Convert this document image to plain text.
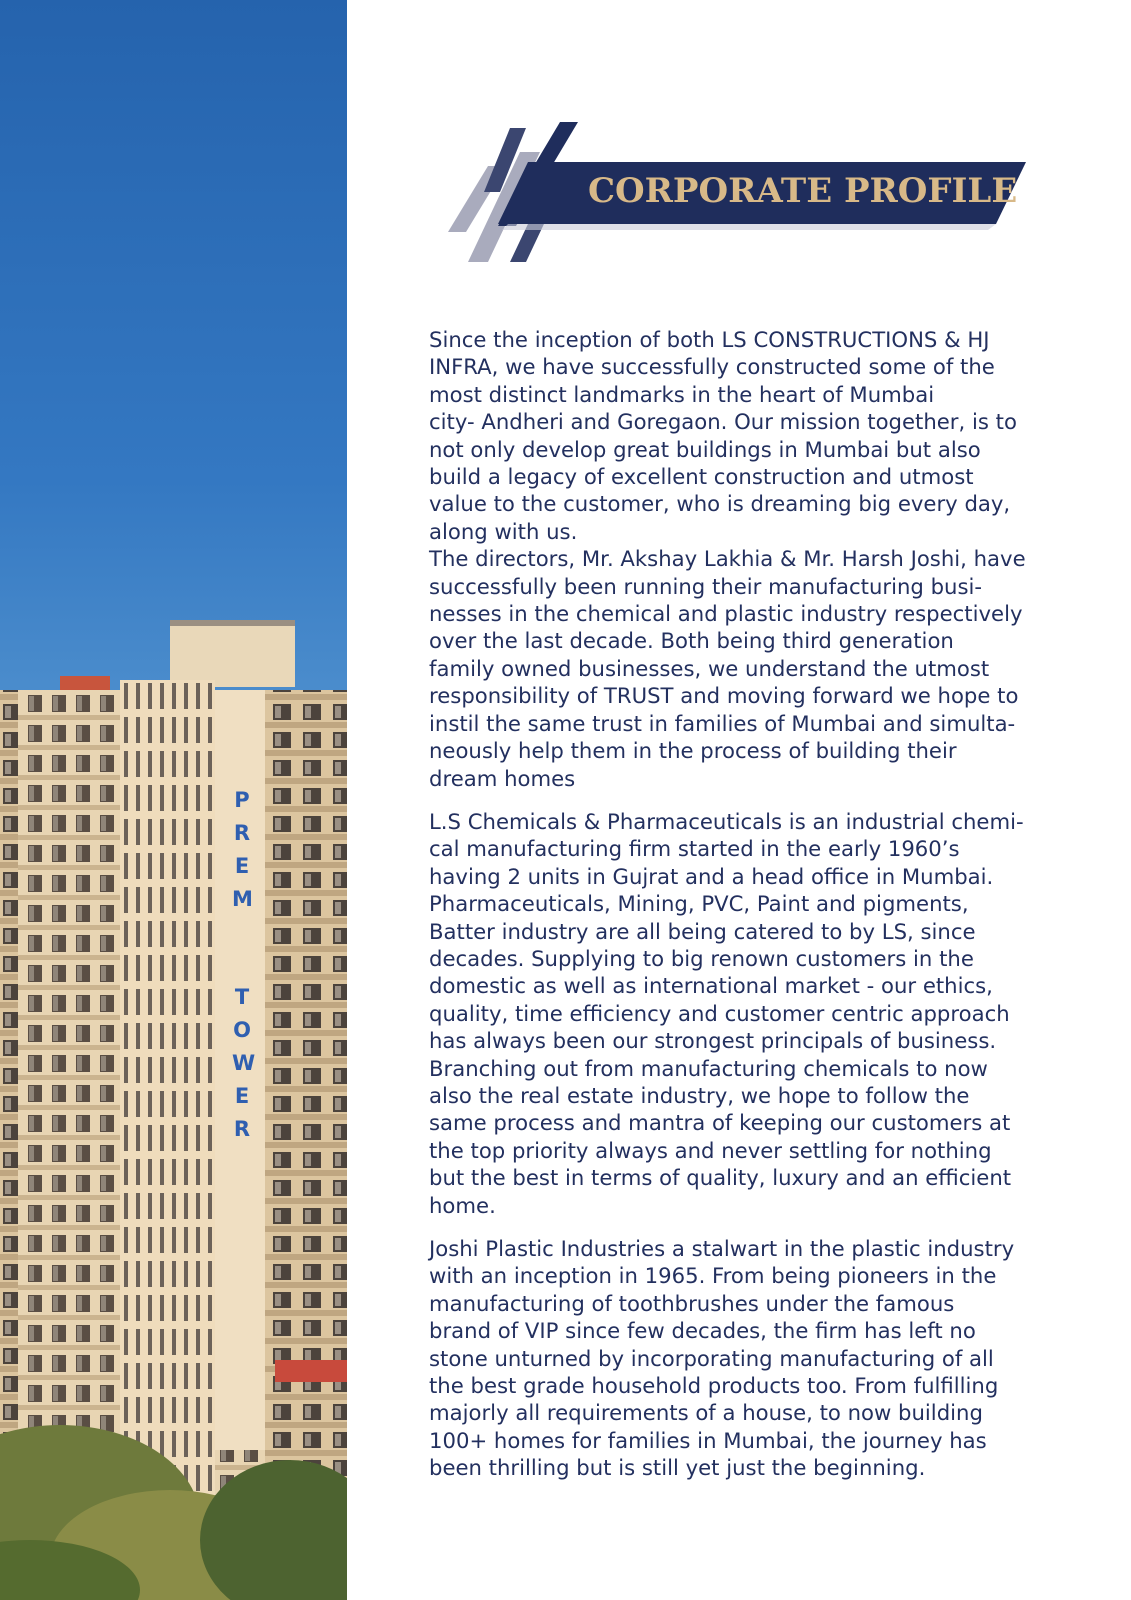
P
R
E
M
T
O
W
E
R
CORPORATE PROFILE

Since the inception of both LS CONSTRUCTIONS & HJ
INFRA, we have successfully constructed some of the
most distinct landmarks in the heart of Mumbai
city- Andheri and Goregaon. Our mission together, is to
not only develop great buildings in Mumbai but also
build a legacy of excellent construction and utmost
value to the customer, who is dreaming big every day,
along with us.

The directors, Mr. Akshay Lakhia & Mr. Harsh Joshi, have
successfully been running their manufacturing busi-
nesses in the chemical and plastic industry respectively
over the last decade. Both being third generation
family owned businesses, we understand the utmost
responsibility of TRUST and moving forward we hope to
instil the same trust in families of Mumbai and simulta-
neously help them in the process of building their
dream homes

L.S Chemicals & Pharmaceuticals is an industrial chemi-
cal manufacturing firm started in the early 1960’s
having 2 units in Gujrat and a head office in Mumbai.
Pharmaceuticals, Mining, PVC, Paint and pigments,
Batter industry are all being catered to by LS, since
decades. Supplying to big renown customers in the
domestic as well as international market - our ethics,
quality, time efficiency and customer centric approach
has always been our strongest principals of business.
Branching out from manufacturing chemicals to now
also the real estate industry, we hope to follow the
same process and mantra of keeping our customers at
the top priority always and never settling for nothing
but the best in terms of quality, luxury and an efficient
home.

Joshi Plastic Industries a stalwart in the plastic industry
with an inception in 1965. From being pioneers in the
manufacturing of toothbrushes under the famous
brand of VIP since few decades, the firm has left no
stone unturned by incorporating manufacturing of all
the best grade household products too. From fulfilling
majorly all requirements of a house, to now building
100+ homes for families in Mumbai, the journey has
been thrilling but is still yet just the beginning.
